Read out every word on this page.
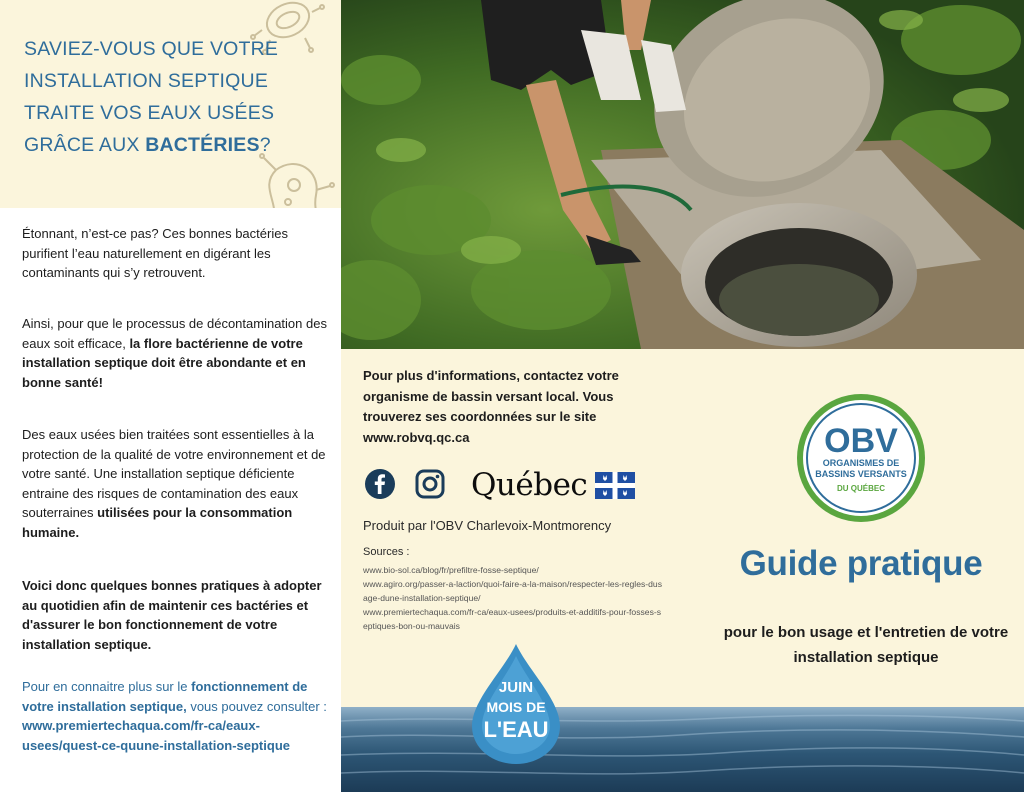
SAVIEZ-VOUS QUE VOTRE INSTALLATION SEPTIQUE TRAITE VOS EAUX USÉES GRÂCE AUX BACTÉRIES?

Étonnant, n’est-ce pas? Ces bonnes bactéries purifient l’eau naturellement en digérant les contaminants qui s’y retrouvent.

Ainsi, pour que le processus de décontamination des eaux soit efficace, la flore bactérienne de votre installation septique doit être abondante et en bonne santé!

Des eaux usées bien traitées sont essentielles à la protection de la qualité de votre environnement et de votre santé. Une installation septique déficiente entraine des risques de contamination des eaux souterraines utilisées pour la consommation humaine.

Voici donc quelques bonnes pratiques à adopter au quotidien afin de maintenir ces bactéries et d'assurer le bon fonctionnement de votre installation septique.

Pour en connaitre plus sur le fonctionnement de votre installation septique, vous pouvez consulter : www.premiertechaqua.com/fr-ca/eaux-usees/quest-ce-quune-installation-septique

Pour plus d'informations, contactez votre organisme de bassin versant local. Vous trouverez ses coordonnées sur le site www.robvq.qc.ca

Québec

Produit par l'OBV Charlevoix-Montmorency

Sources :

www.bio-sol.ca/blog/fr/prefiltre-fosse-septique/
www.agiro.org/passer-a-laction/quoi-faire-a-la-maison/respecter-les-regles-dusage-dune-installation-septique/
www.premiertechaqua.com/fr-ca/eaux-usees/produits-et-additifs-pour-fosses-septiques-bon-ou-mauvais
OBV
ORGANISMES DE
BASSINS VERSANTS
DU QUÉBEC
Guide pratique

pour le bon usage et l'entretien de votre installation septique

JUIN
MOIS DE
L'EAU
